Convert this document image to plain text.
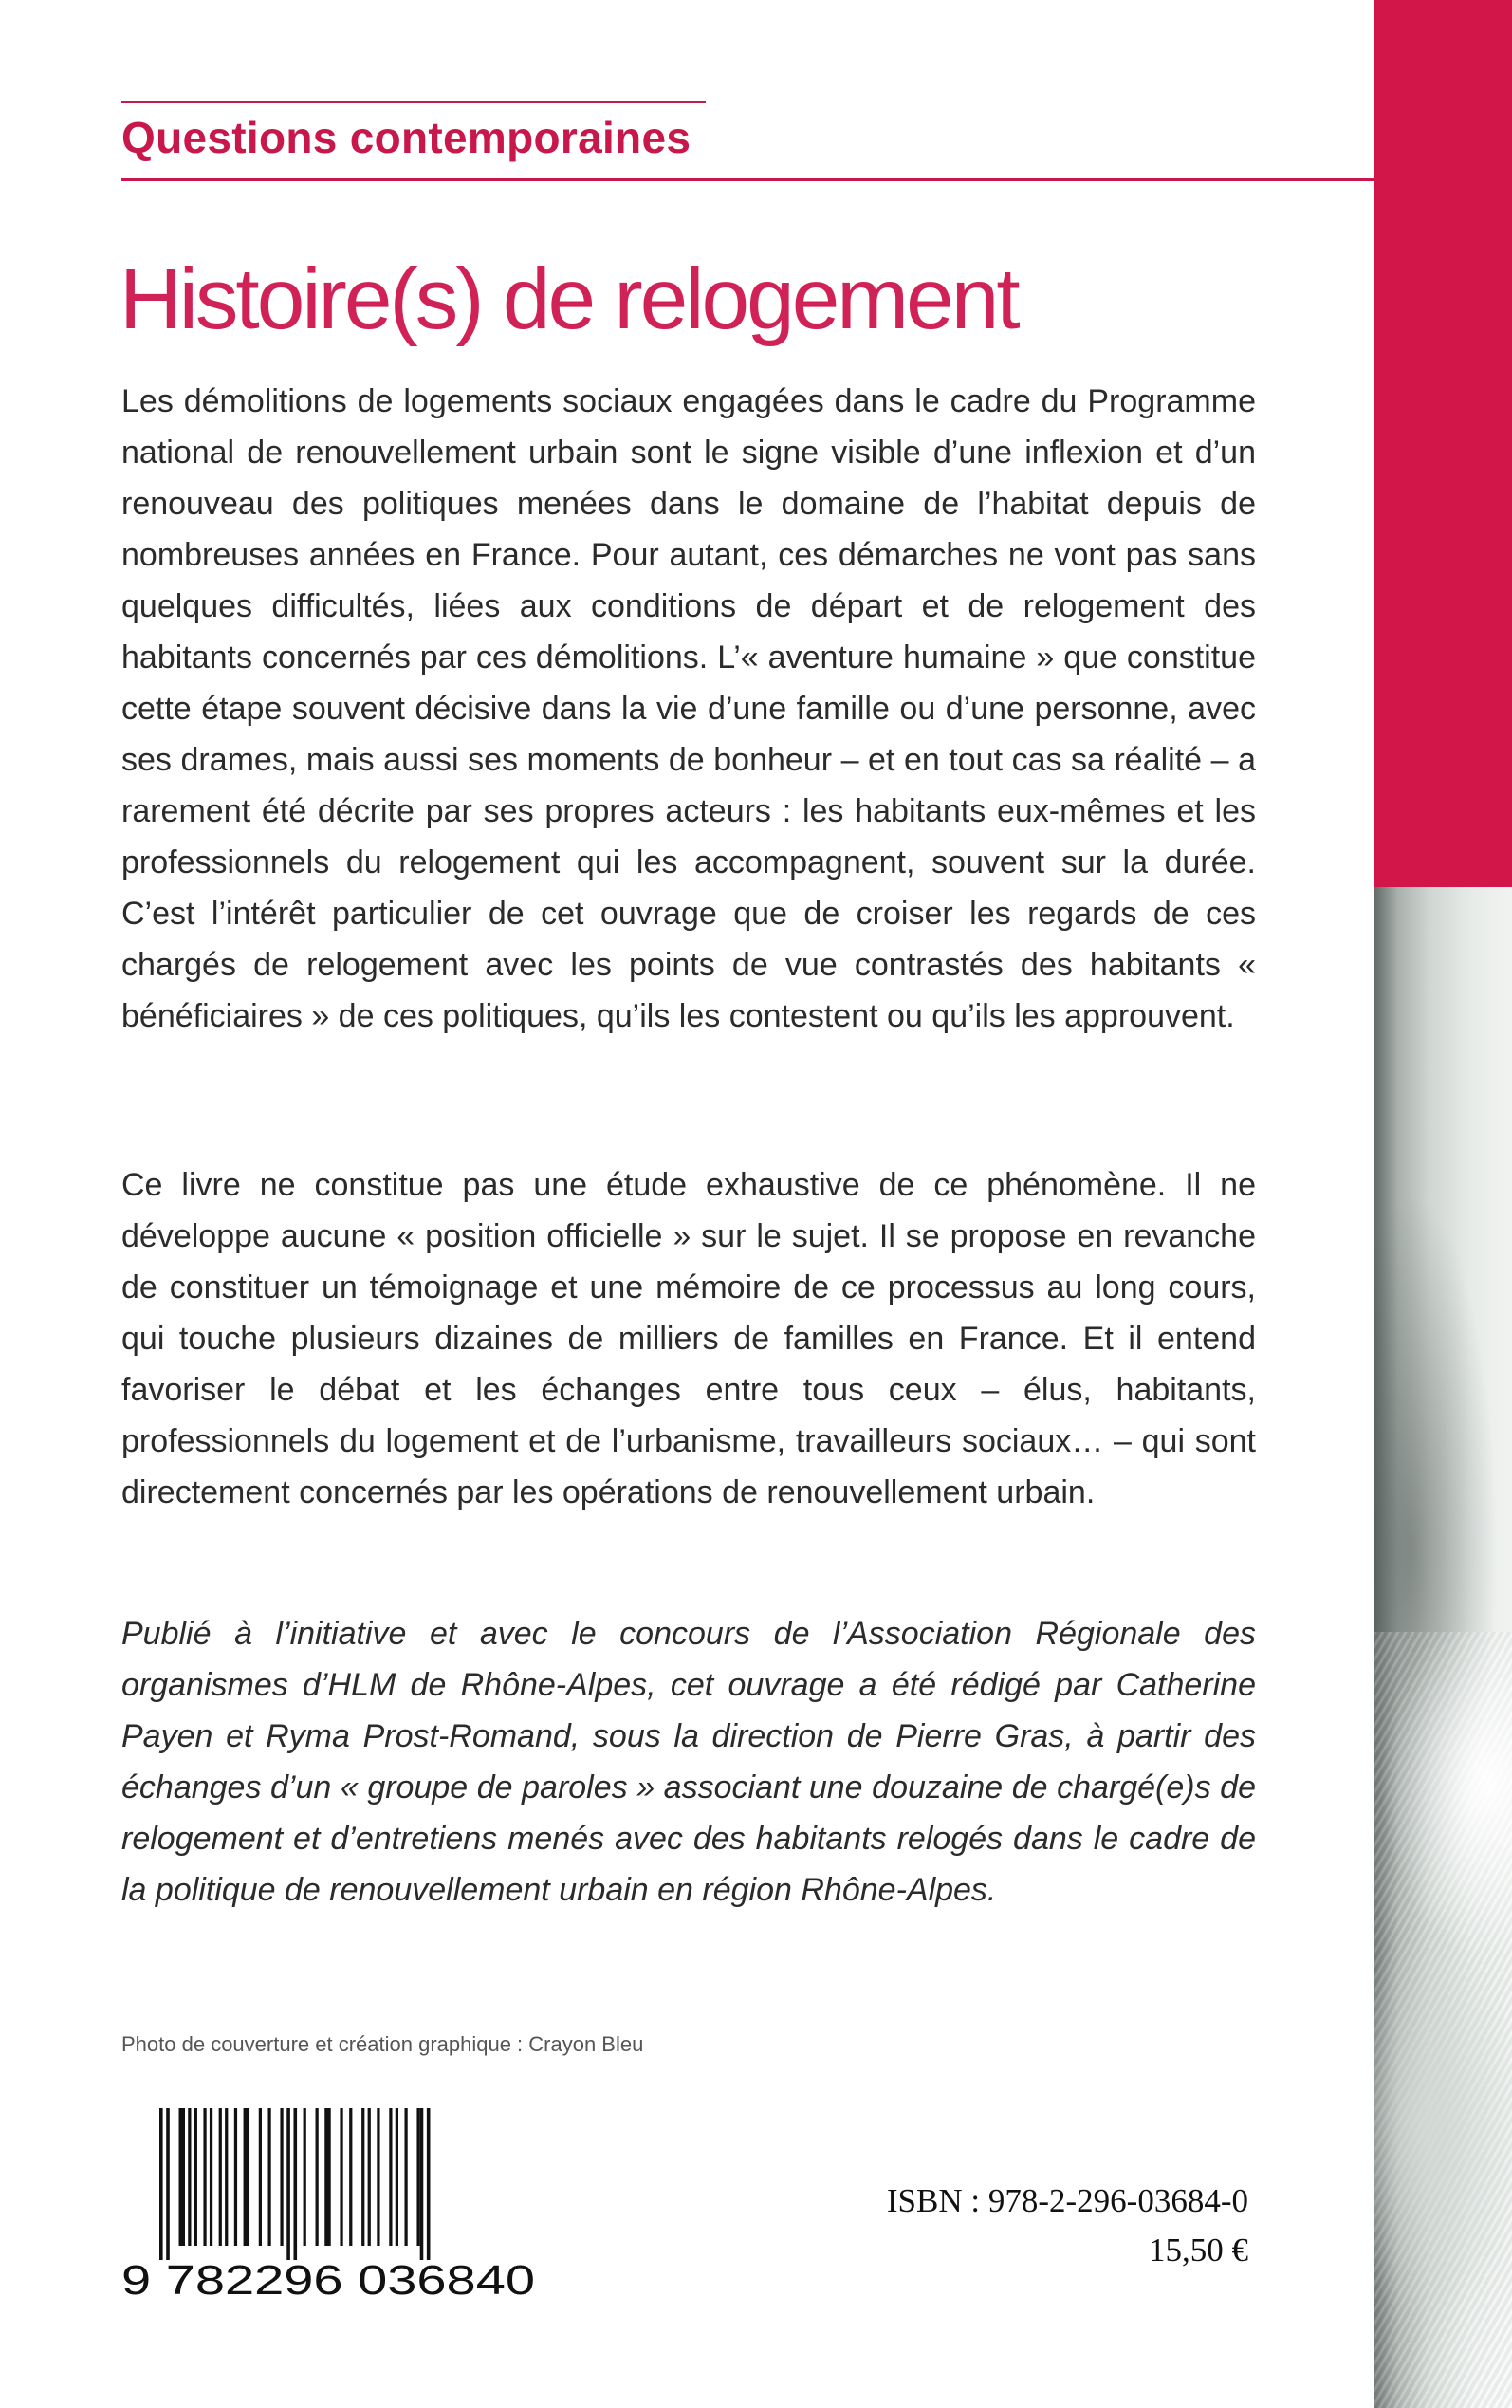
Questions contemporaines
Histoire(s) de relogement

Les démolitions de logements sociaux engagées dans le cadre du Programme national de renouvellement urbain sont le signe visible d’une inflexion et d’un renouveau des politiques menées dans le domaine de l’habitat depuis de nombreuses années en France. Pour autant, ces démarches ne vont pas sans quelques difficultés, liées aux conditions de départ et de relogement des habitants concernés par ces démolitions. L’« aventure humaine » que constitue cette étape souvent décisive dans la vie d’une famille ou d’une personne, avec ses drames, mais aussi ses moments de bonheur – et en tout cas sa réalité – a rarement été décrite par ses propres acteurs : les habitants eux-mêmes et les professionnels du relogement qui les accompagnent, souvent sur la durée. C’est l’intérêt particulier de cet ouvrage que de croiser les regards de ces chargés de relogement avec les points de vue contrastés des habitants « bénéficiaires » de ces politiques, qu’ils les contestent ou qu’ils les approuvent.

Ce livre ne constitue pas une étude exhaustive de ce phénomène. Il ne développe aucune « position officielle » sur le sujet. Il se propose en revanche de constituer un témoignage et une mémoire de ce processus au long cours, qui touche plusieurs dizaines de milliers de familles en France. Et il entend favoriser le débat et les échanges entre tous ceux – élus, habitants, professionnels du logement et de l’urbanisme, travailleurs sociaux… – qui sont directement concernés par les opérations de renouvellement urbain.

Publié à l’initiative et avec le concours de l’Association Régionale des organismes d’HLM de Rhône-Alpes, cet ouvrage a été rédigé par Catherine Payen et Ryma Prost-Romand, sous la direction de Pierre Gras, à partir des échanges d’un « groupe de paroles » associant une douzaine de chargé(e)s de relogement et d’entretiens menés avec des habitants relogés dans le cadre de la politique de renouvellement urbain en région Rhône-Alpes.

Photo de couverture et création graphique : Crayon Bleu

9 782296 036840

ISBN : 978-2-296-03684-0

15,50 €
